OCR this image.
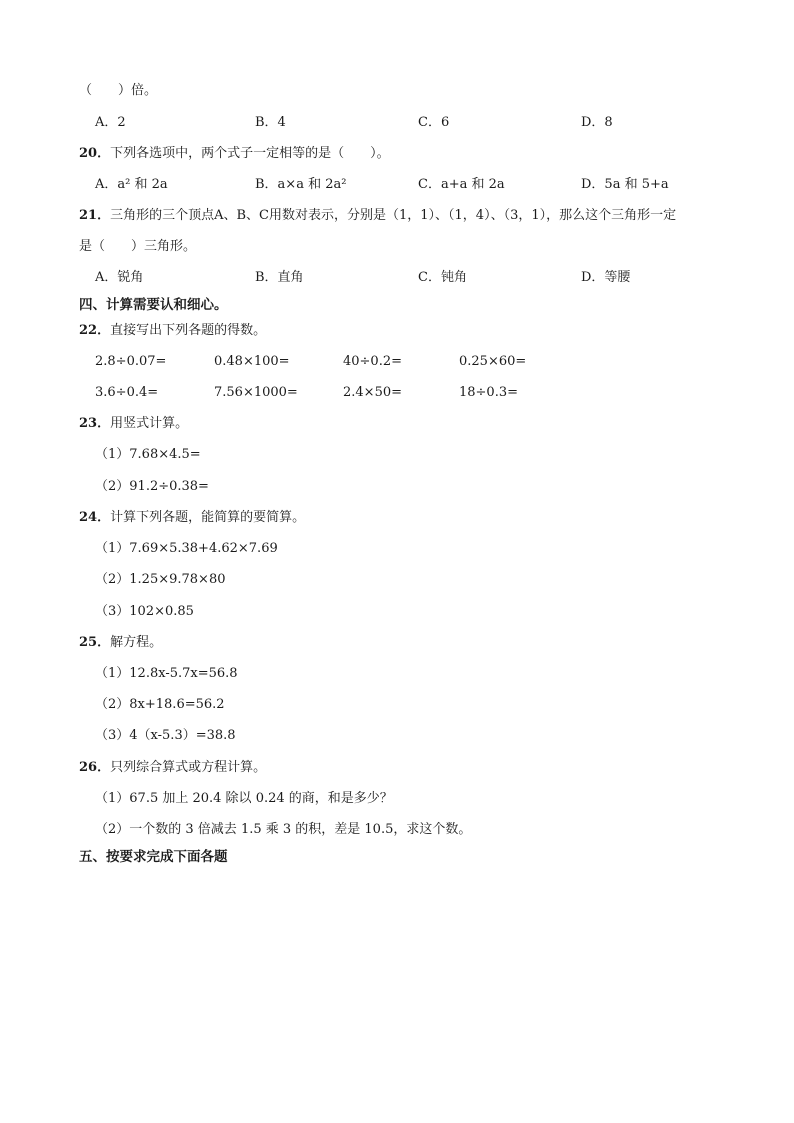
（　　）倍。
A．2	B．4	C．6	D．8
20．下列各选项中，两个式子一定相等的是（　　）。
A．a² 和 2a	B．a×a 和 2a²	C．a+a 和 2a	D．5a 和 5+a
21．三角形的三个顶点A、B、C用数对表示，分别是（1，1）、（1，4）、（3，1），那么这个三角形一定
是（　　）三角形。
A．锐角	B．直角	C．钝角	D．等腰
四、计算需要认和细心。
22．直接写出下列各题的得数。
2.8÷0.07=	0.48×100=	40÷0.2=	0.25×60=
3.6÷0.4=	7.56×1000=	2.4×50=	18÷0.3=
23．用竖式计算。
（1）7.68×4.5=
（2）91.2÷0.38=
24．计算下列各题，能简算的要简算。
（1）7.69×5.38+4.62×7.69
（2）1.25×9.78×80
（3）102×0.85
25．解方程。
（1）12.8x-5.7x=56.8
（2）8x+18.6=56.2
（3）4（x-5.3）=38.8
26．只列综合算式或方程计算。
（1）67.5 加上 20.4 除以 0.24 的商，和是多少？
（2）一个数的 3 倍减去 1.5 乘 3 的积，差是 10.5，求这个数。
五、按要求完成下面各题
